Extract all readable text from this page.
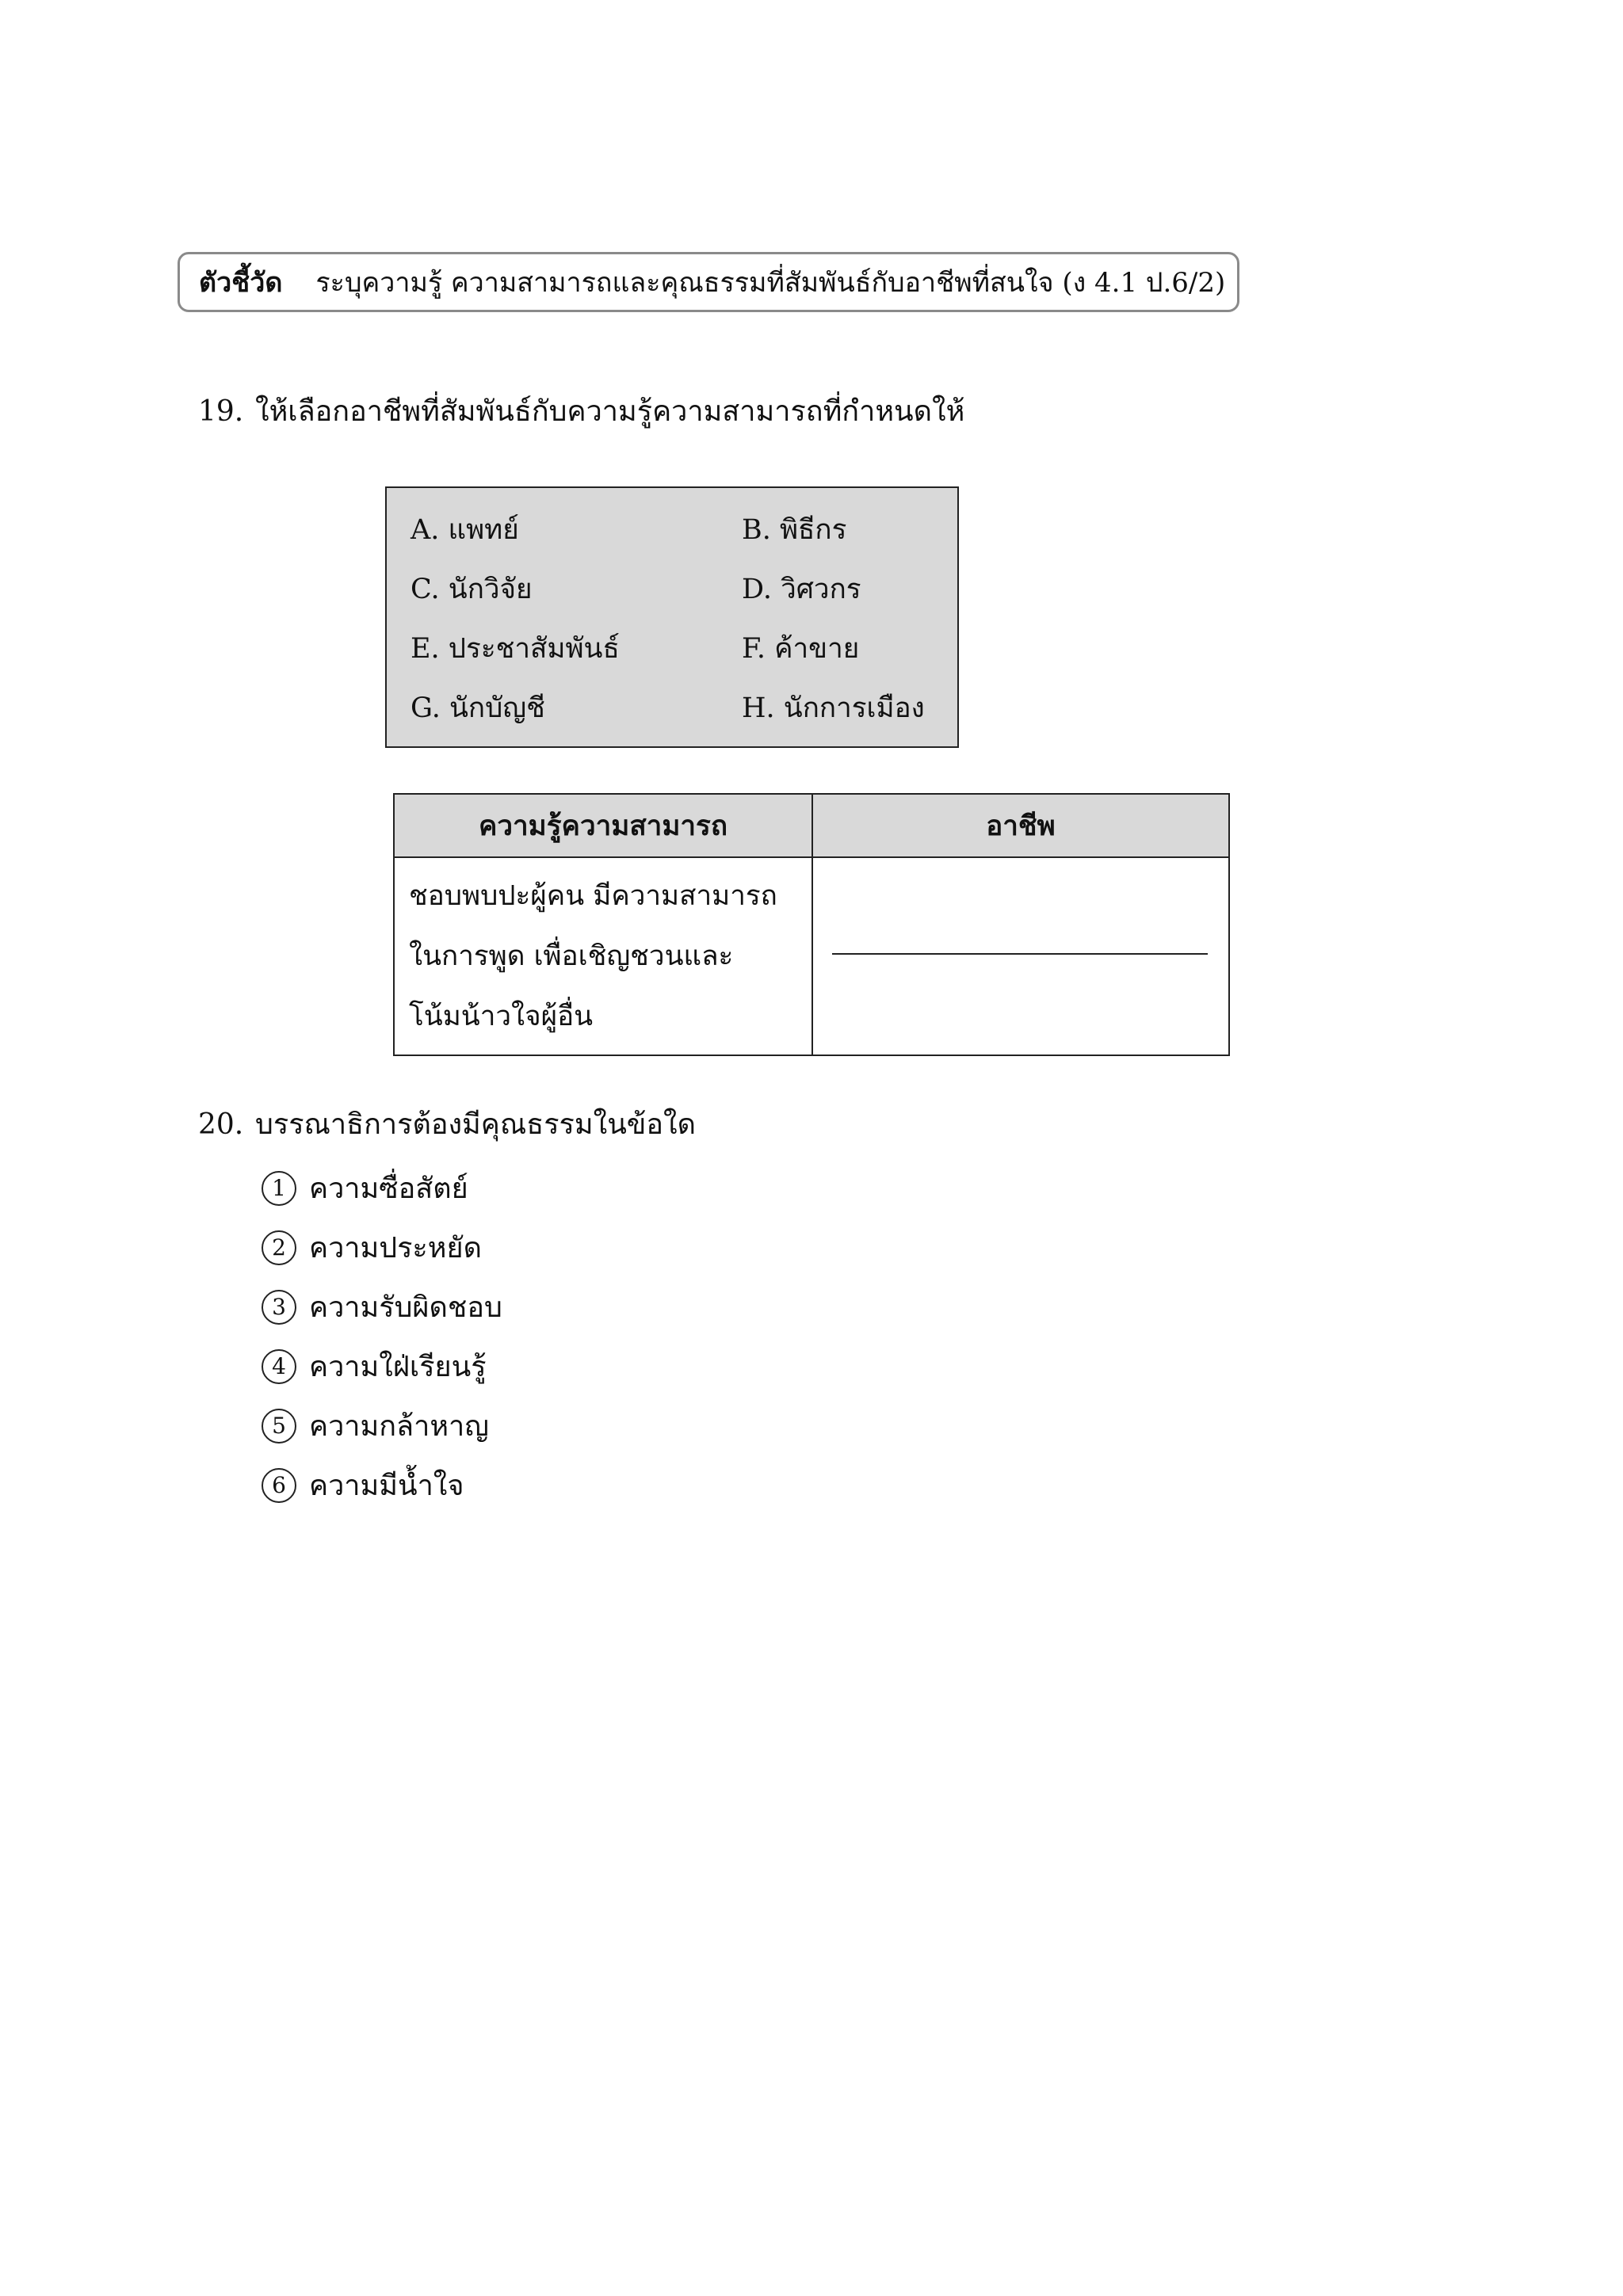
ตัวชี้วัด ระบุความรู้ ความสามารถและคุณธรรมที่สัมพันธ์กับอาชีพที่สนใจ (ง 4.1 ป.6/2)
19. ให้เลือกอาชีพที่สัมพันธ์กับความรู้ความสามารถที่กำหนดให้
A. แพทย์	B. พิธีกร
C. นักวิจัย	D. วิศวกร
E. ประชาสัมพันธ์	F. ค้าขาย
G. นักบัญชี	H. นักการเมือง
ความรู้ความสามารถ	อาชีพ

ชอบพบปะผู้คน มีความสามารถ
ในการพูด เพื่อเชิญชวนและ
โน้มน้าวใจผู้อื่น	

20. บรรณาธิการต้องมีคุณธรรมในข้อใด
1 ความซื่อสัตย์
2 ความประหยัด
3 ความรับผิดชอบ
4 ความใฝ่เรียนรู้
5 ความกล้าหาญ
6 ความมีน้ำใจ
